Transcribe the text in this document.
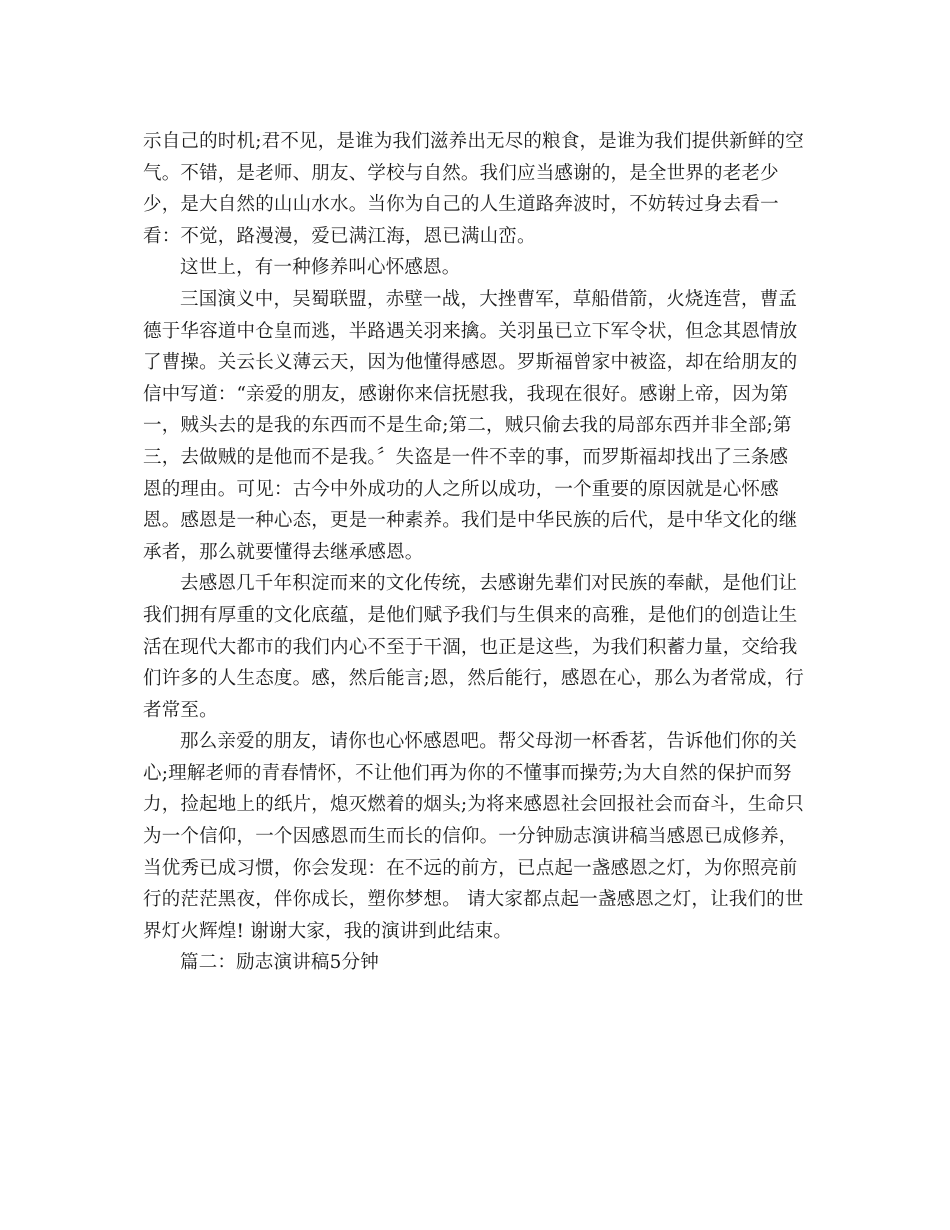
示自己的时机;君不见，是谁为我们滋养出无尽的粮食，是谁为我们提供新鲜的空
气。不错，是老师、朋友、学校与自然。我们应当感谢的，是全世界的老老少
少，是大自然的山山水水。当你为自己的人生道路奔波时，不妨转过身去看一
看：不觉，路漫漫，爱已满江海，恩已满山峦。
这世上，有一种修养叫心怀感恩。
三国演义中，吴蜀联盟，赤壁一战，大挫曹军，草船借箭，火烧连营，曹孟
德于华容道中仓皇而逃，半路遇关羽来擒。关羽虽已立下军令状，但念其恩情放
了曹操。关云长义薄云天，因为他懂得感恩。罗斯福曾家中被盗，却在给朋友的
信中写道：“亲爱的朋友，感谢你来信抚慰我，我现在很好。感谢上帝，因为第
一，贼头去的是我的东西而不是生命;第二，贼只偷去我的局部东西并非全部;第
三，去做贼的是他而不是我。〞失盗是一件不幸的事，而罗斯福却找出了三条感
恩的理由。可见：古今中外成功的人之所以成功，一个重要的原因就是心怀感
恩。感恩是一种心态，更是一种素养。我们是中华民族的后代，是中华文化的继
承者，那么就要懂得去继承感恩。
去感恩几千年积淀而来的文化传统，去感谢先辈们对民族的奉献，是他们让
我们拥有厚重的文化底蕴，是他们赋予我们与生俱来的高雅，是他们的创造让生
活在现代大都市的我们内心不至于干涸，也正是这些，为我们积蓄力量，交给我
们许多的人生态度。感，然后能言;恩，然后能行，感恩在心，那么为者常成，行
者常至。
那么亲爱的朋友，请你也心怀感恩吧。帮父母沏一杯香茗，告诉他们你的关
心;理解老师的青春情怀，不让他们再为你的不懂事而操劳;为大自然的保护而努
力，捡起地上的纸片，熄灭燃着的烟头;为将来感恩社会回报社会而奋斗，生命只
为一个信仰，一个因感恩而生而长的信仰。一分钟励志演讲稿当感恩已成修养，
当优秀已成习惯，你会发现：在不远的前方，已点起一盏感恩之灯，为你照亮前
行的茫茫黑夜，伴你成长，塑你梦想。 请大家都点起一盏感恩之灯，让我们的世
界灯火辉煌! 谢谢大家，我的演讲到此结束。
篇二：励志演讲稿5分钟
